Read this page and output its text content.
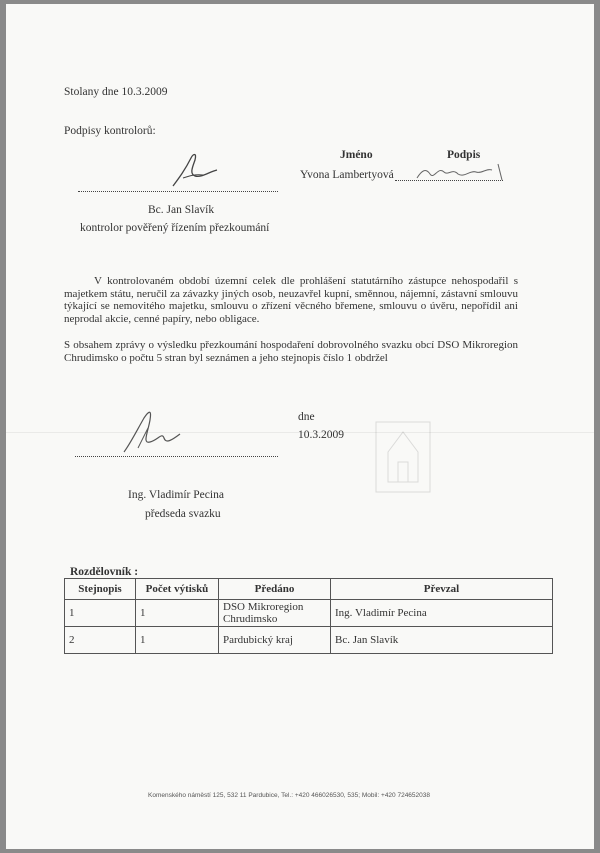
Stolany dne 10.3.2009
Podpisy kontrolorů:
Jméno	Podpis
Yvona Lambertyová
Bc. Jan Slavík
kontrolor pověřený řízením přezkoumání
V kontrolovaném období územní celek dle prohlášení statutárního zástupce nehospodařil s majetkem státu, neručil za závazky jiných osob, neuzavřel kupní, směnnou, nájemní, zástavní smlouvu týkající se nemovitého majetku, smlouvu o zřízení věcného břemene, smlouvu o úvěru, nepořídil ani neprodal akcie, cenné papíry, nebo obligace.
S obsahem zprávy o výsledku přezkoumání hospodaření dobrovolného svazku obcí DSO Mikroregion Chrudimsko o počtu 5 stran byl seznámen a jeho stejnopis číslo 1 obdržel
dne
10.3.2009
Ing. Vladimír Pecina
předseda svazku
Rozdělovník :
Stejnopis	Počet výtisků	Předáno	Převzal
1	1	DSO Mikroregion Chrudimsko	Ing. Vladimír Pecina
2	1	Pardubický kraj	Bc. Jan Slavík
Komenského náměstí 125, 532 11 Pardubice, Tel.: +420 466026530, 535; Mobil: +420 724652038
